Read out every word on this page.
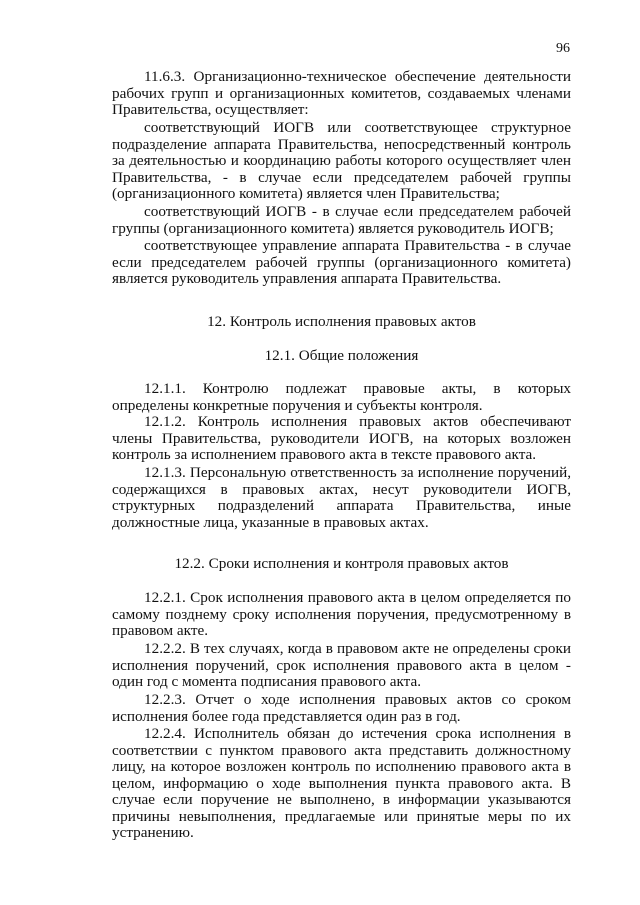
96
11.6.3. Организационно-техническое обеспечение деятельности рабочих групп и организационных комитетов, создаваемых членами Правительства, осуществляет:
соответствующий ИОГВ или соответствующее структурное подразделение аппарата Правительства, непосредственный контроль за деятельностью и координацию работы которого осуществляет член Правительства, - в случае если председателем рабочей группы (организационного комитета) является член Правительства;
соответствующий ИОГВ - в случае если председателем рабочей группы (организационного комитета) является руководитель ИОГВ;
соответствующее управление аппарата Правительства - в случае если председателем рабочей группы (организационного комитета) является руководитель управления аппарата Правительства.
12. Контроль исполнения правовых актов
12.1. Общие положения
12.1.1. Контролю подлежат правовые акты, в которых определены конкретные поручения и субъекты контроля.
12.1.2. Контроль исполнения правовых актов обеспечивают члены Правительства, руководители ИОГВ, на которых возложен контроль за исполнением правового акта в тексте правового акта.
12.1.3. Персональную ответственность за исполнение поручений, содержащихся в правовых актах, несут руководители ИОГВ, структурных подразделений аппарата Правительства, иные должностные лица, указанные в правовых актах.
12.2. Сроки исполнения и контроля правовых актов
12.2.1. Срок исполнения правового акта в целом определяется по самому позднему сроку исполнения поручения, предусмотренному в правовом акте.
12.2.2. В тех случаях, когда в правовом акте не определены сроки исполнения поручений, срок исполнения правового акта в целом - один год с момента подписания правового акта.
12.2.3. Отчет о ходе исполнения правовых актов со сроком исполнения более года представляется один раз в год.
12.2.4. Исполнитель обязан до истечения срока исполнения в соответствии с пунктом правового акта представить должностному лицу, на которое возложен контроль по исполнению правового акта в целом, информацию о ходе выполнения пункта правового акта. В случае если поручение не выполнено, в информации указываются причины невыполнения, предлагаемые или принятые меры по их устранению.
